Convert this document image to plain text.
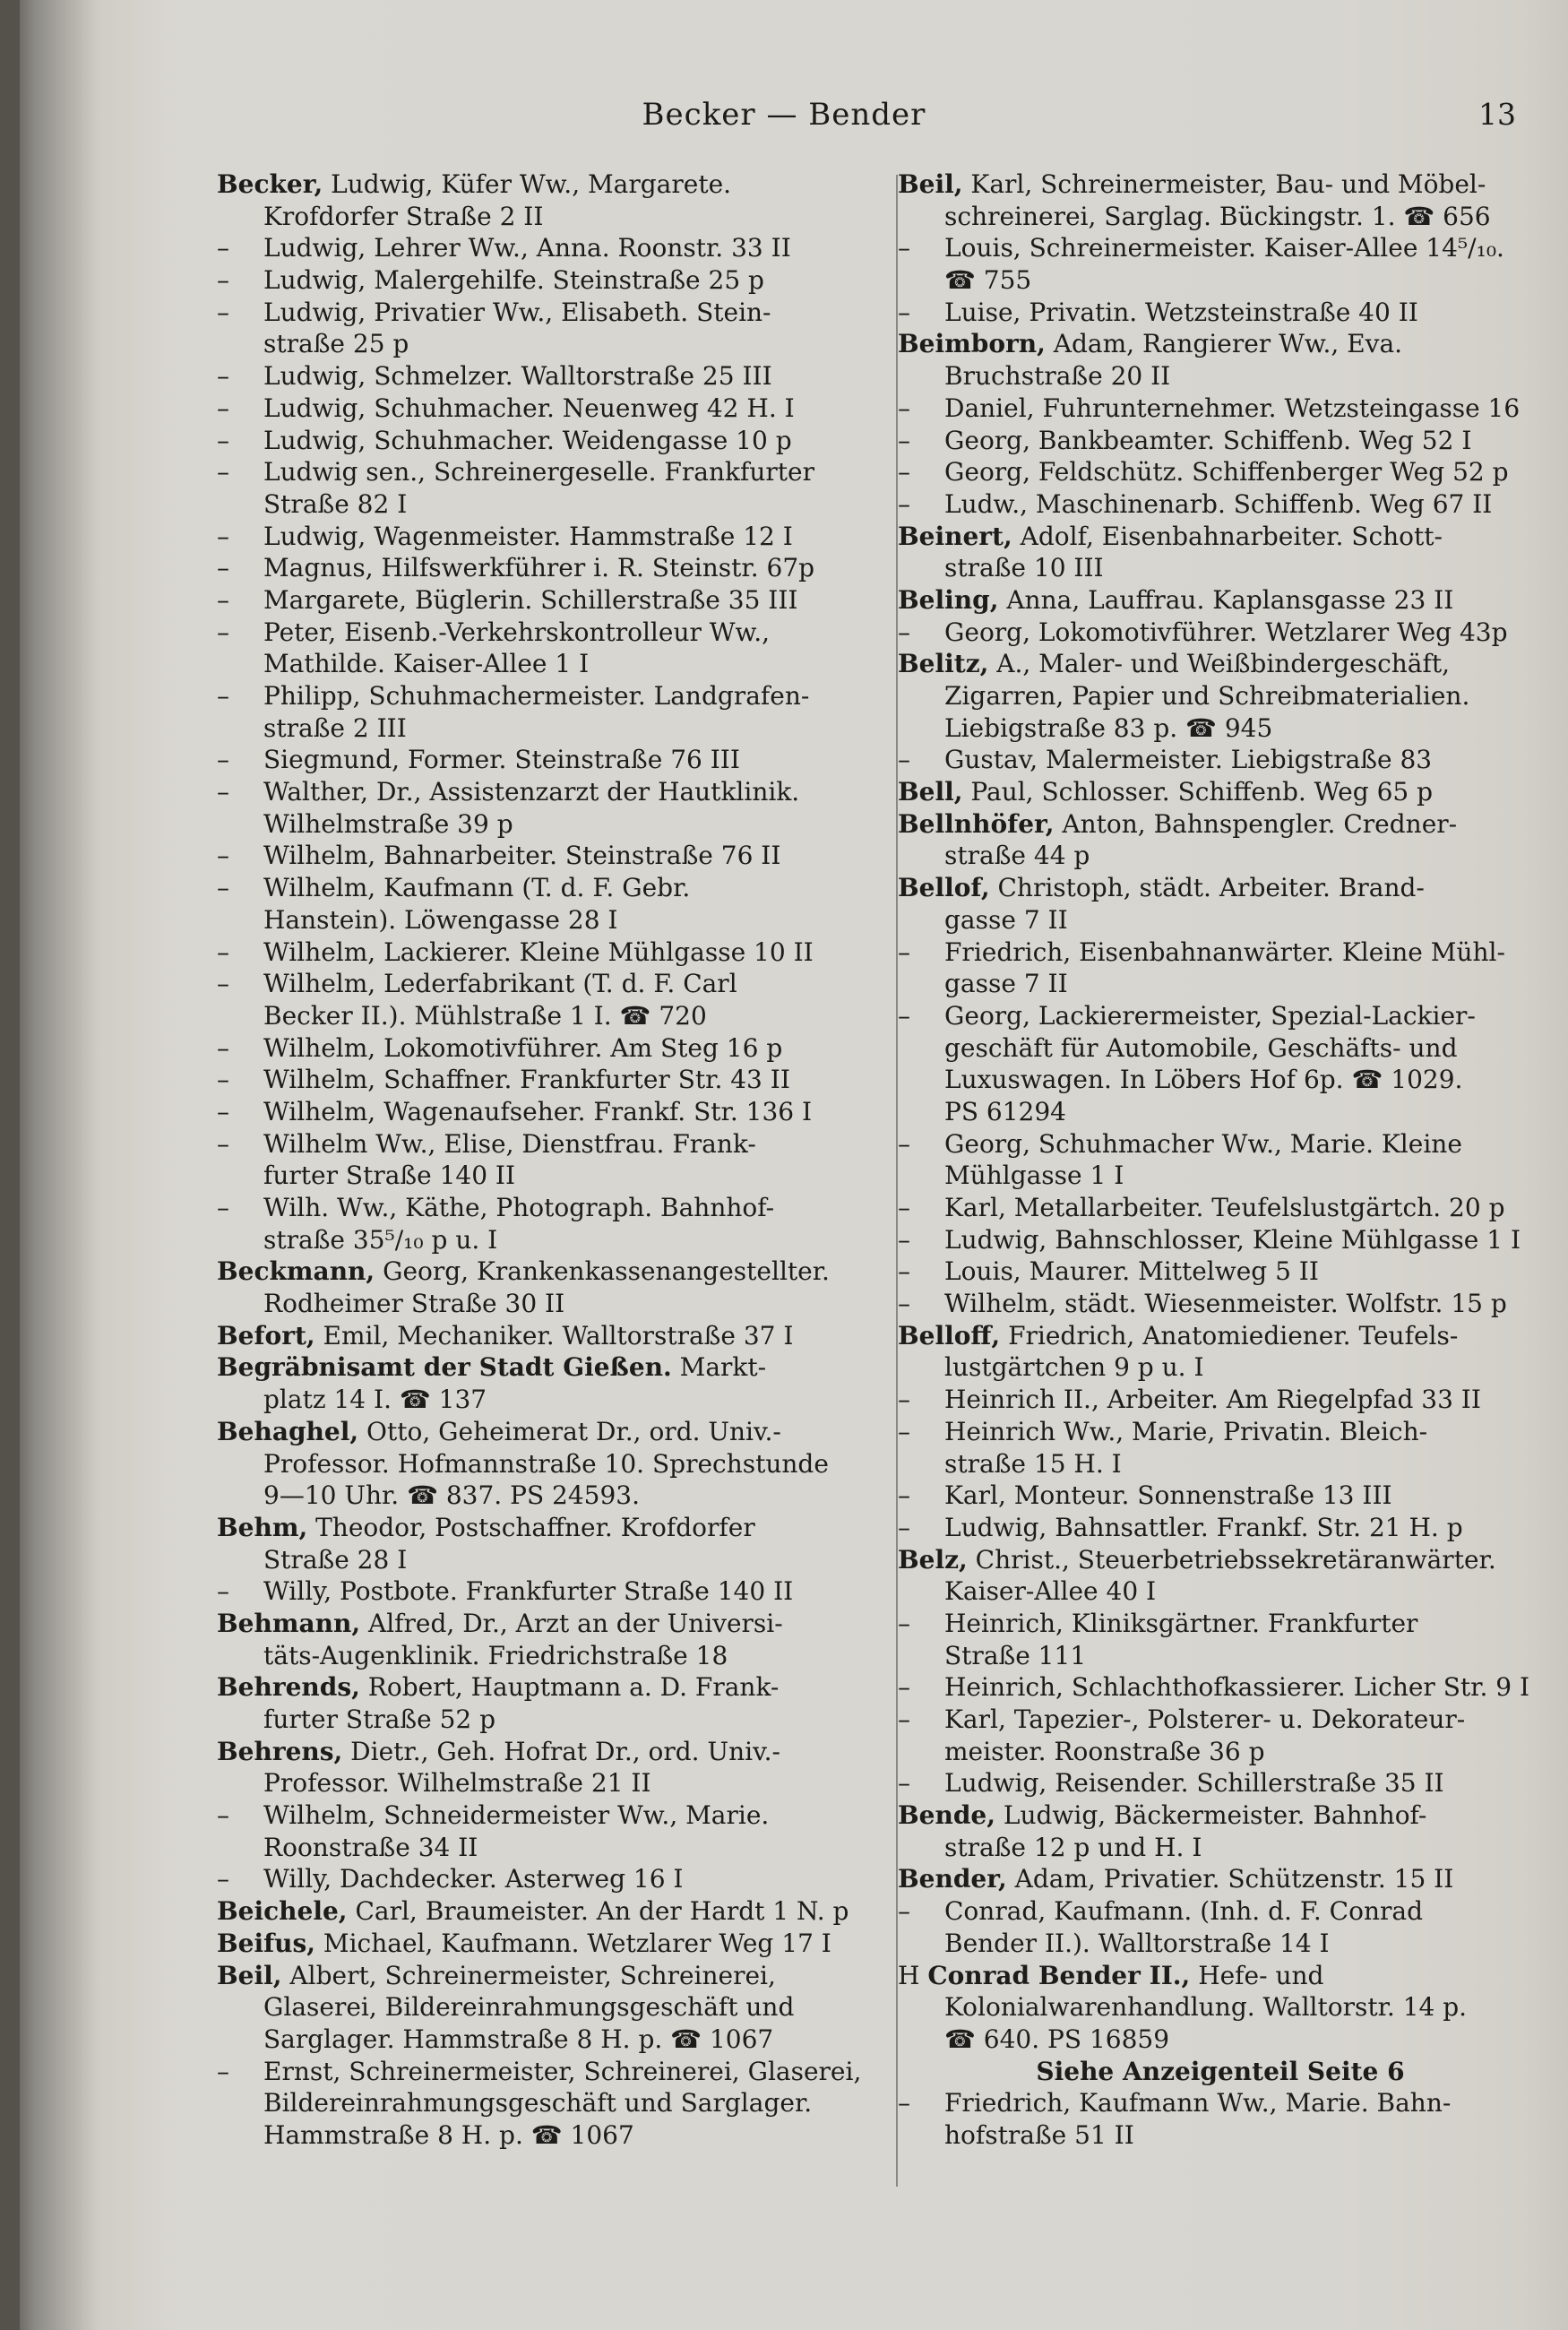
Becker — Bender	13
Becker, Ludwig, Küfer Ww., Margarete.
Krofdorfer Straße 2 II
– Ludwig, Lehrer Ww., Anna. Roonstr. 33 II
– Ludwig, Malergehilfe. Steinstraße 25 p
– Ludwig, Privatier Ww., Elisabeth. Stein-
straße 25 p
– Ludwig, Schmelzer. Walltorstraße 25 III
– Ludwig, Schuhmacher. Neuenweg 42 H. I
– Ludwig, Schuhmacher. Weidengasse 10 p
– Ludwig sen., Schreinergeselle. Frankfurter
Straße 82 I
– Ludwig, Wagenmeister. Hammstraße 12 I
– Magnus, Hilfswerkführer i. R. Steinstr. 67p
– Margarete, Büglerin. Schillerstraße 35 III
– Peter, Eisenb.-Verkehrskontrolleur Ww.,
Mathilde. Kaiser-Allee 1 I
– Philipp, Schuhmachermeister. Landgrafen-
straße 2 III
– Siegmund, Former. Steinstraße 76 III
– Walther, Dr., Assistenzarzt der Hautklinik.
Wilhelmstraße 39 p
– Wilhelm, Bahnarbeiter. Steinstraße 76 II
– Wilhelm, Kaufmann (T. d. F. Gebr.
Hanstein). Löwengasse 28 I
– Wilhelm, Lackierer. Kleine Mühlgasse 10 II
– Wilhelm, Lederfabrikant (T. d. F. Carl
Becker II.). Mühlstraße 1 I. ☎ 720
– Wilhelm, Lokomotivführer. Am Steg 16 p
– Wilhelm, Schaffner. Frankfurter Str. 43 II
– Wilhelm, Wagenaufseher. Frankf. Str. 136 I
– Wilhelm Ww., Elise, Dienstfrau. Frank-
furter Straße 140 II
– Wilh. Ww., Käthe, Photograph. Bahnhof-
straße 35⁵/₁₀ p u. I
Beckmann, Georg, Krankenkassenangestellter.
Rodheimer Straße 30 II
Befort, Emil, Mechaniker. Walltorstraße 37 I
Begräbnisamt der Stadt Gießen. Markt-
platz 14 I. ☎ 137
Behaghel, Otto, Geheimerat Dr., ord. Univ.-
Professor. Hofmannstraße 10. Sprechstunde
9—10 Uhr. ☎ 837. PS 24593.
Behm, Theodor, Postschaffner. Krofdorfer
Straße 28 I
– Willy, Postbote. Frankfurter Straße 140 II
Behmann, Alfred, Dr., Arzt an der Universi-
täts-Augenklinik. Friedrichstraße 18
Behrends, Robert, Hauptmann a. D. Frank-
furter Straße 52 p
Behrens, Dietr., Geh. Hofrat Dr., ord. Univ.-
Professor. Wilhelmstraße 21 II
– Wilhelm, Schneidermeister Ww., Marie.
Roonstraße 34 II
– Willy, Dachdecker. Asterweg 16 I
Beichele, Carl, Braumeister. An der Hardt 1 N. p
Beifus, Michael, Kaufmann. Wetzlarer Weg 17 I
Beil, Albert, Schreinermeister, Schreinerei,
Glaserei, Bildereinrahmungsgeschäft und
Sarglager. Hammstraße 8 H. p. ☎ 1067
– Ernst, Schreinermeister, Schreinerei, Glaserei,
Bildereinrahmungsgeschäft und Sarglager.
Hammstraße 8 H. p. ☎ 1067
Beil, Karl, Schreinermeister, Bau- und Möbel-
schreinerei, Sarglag. Bückingstr. 1. ☎ 656
– Louis, Schreinermeister. Kaiser-Allee 14⁵/₁₀.
☎ 755
– Luise, Privatin. Wetzsteinstraße 40 II
Beimborn, Adam, Rangierer Ww., Eva.
Bruchstraße 20 II
– Daniel, Fuhrunternehmer. Wetzsteingasse 16
– Georg, Bankbeamter. Schiffenb. Weg 52 I
– Georg, Feldschütz. Schiffenberger Weg 52 p
– Ludw., Maschinenarb. Schiffenb. Weg 67 II
Beinert, Adolf, Eisenbahnarbeiter. Schott-
straße 10 III
Beling, Anna, Lauffrau. Kaplansgasse 23 II
– Georg, Lokomotivführer. Wetzlarer Weg 43p
Belitz, A., Maler- und Weißbindergeschäft,
Zigarren, Papier und Schreibmaterialien.
Liebigstraße 83 p. ☎ 945
– Gustav, Malermeister. Liebigstraße 83
Bell, Paul, Schlosser. Schiffenb. Weg 65 p
Bellnhöfer, Anton, Bahnspengler. Credner-
straße 44 p
Bellof, Christoph, städt. Arbeiter. Brand-
gasse 7 II
– Friedrich, Eisenbahnanwärter. Kleine Mühl-
gasse 7 II
– Georg, Lackierermeister, Spezial-Lackier-
geschäft für Automobile, Geschäfts- und
Luxuswagen. In Löbers Hof 6p. ☎ 1029.
PS 61294
– Georg, Schuhmacher Ww., Marie. Kleine
Mühlgasse 1 I
– Karl, Metallarbeiter. Teufelslustgärtch. 20 p
– Ludwig, Bahnschlosser, Kleine Mühlgasse 1 I
– Louis, Maurer. Mittelweg 5 II
– Wilhelm, städt. Wiesenmeister. Wolfstr. 15 p
Belloff, Friedrich, Anatomiediener. Teufels-
lustgärtchen 9 p u. I
– Heinrich II., Arbeiter. Am Riegelpfad 33 II
– Heinrich Ww., Marie, Privatin. Bleich-
straße 15 H. I
– Karl, Monteur. Sonnenstraße 13 III
– Ludwig, Bahnsattler. Frankf. Str. 21 H. p
Belz, Christ., Steuerbetriebssekretäranwärter.
Kaiser-Allee 40 I
– Heinrich, Kliniksgärtner. Frankfurter
Straße 111
– Heinrich, Schlachthofkassierer. Licher Str. 9 I
– Karl, Tapezier-, Polsterer- u. Dekorateur-
meister. Roonstraße 36 p
– Ludwig, Reisender. Schillerstraße 35 II
Bende, Ludwig, Bäckermeister. Bahnhof-
straße 12 p und H. I
Bender, Adam, Privatier. Schützenstr. 15 II
– Conrad, Kaufmann. (Inh. d. F. Conrad
Bender II.). Walltorstraße 14 I
H Conrad Bender II., Hefe- und
Kolonialwarenhandlung. Walltorstr. 14 p.
☎ 640. PS 16859
Siehe Anzeigenteil Seite 6
– Friedrich, Kaufmann Ww., Marie. Bahn-
hofstraße 51 II
